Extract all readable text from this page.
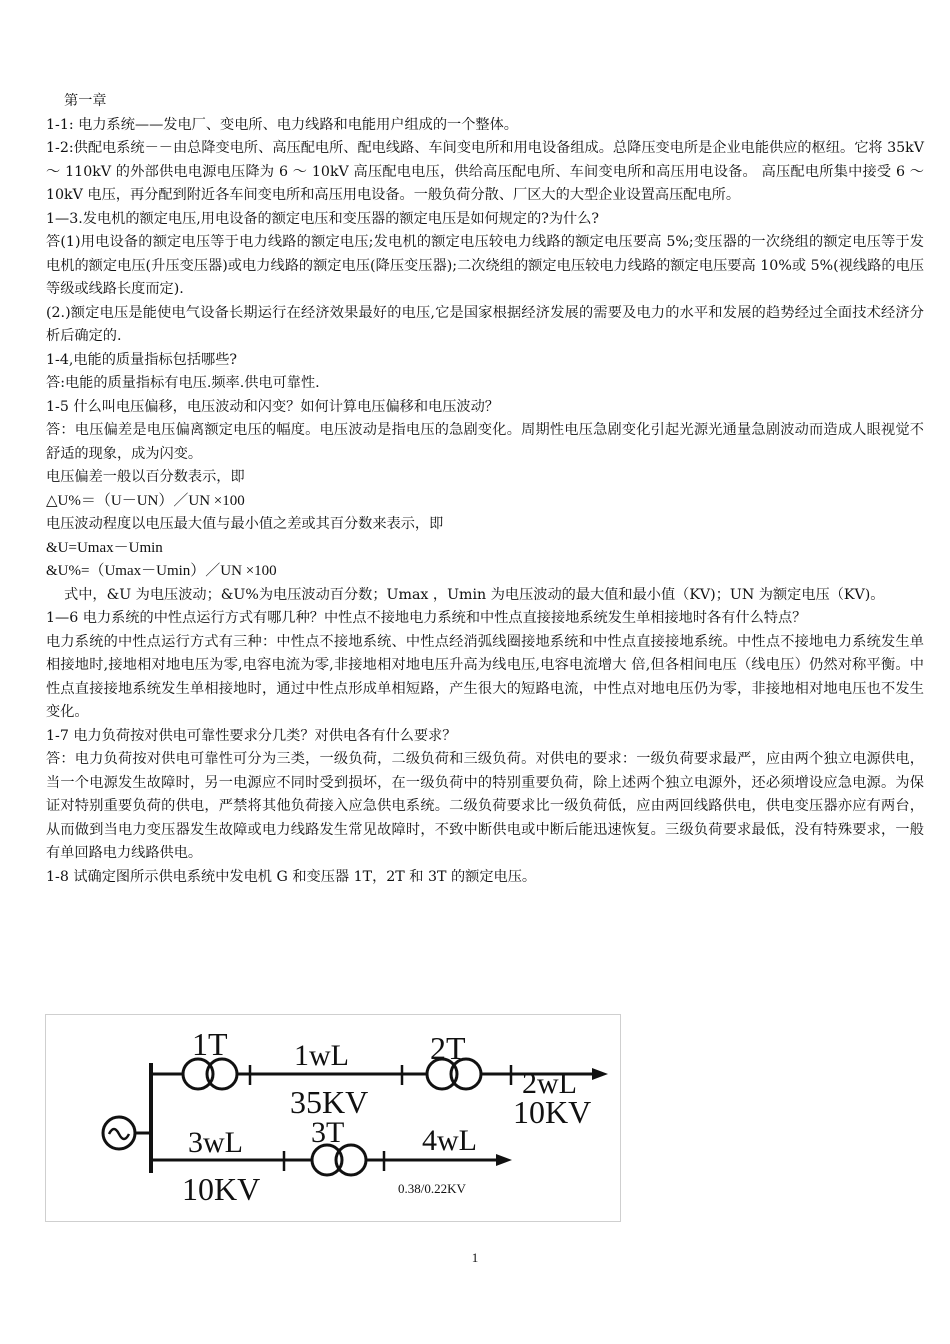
第一章

1-1: 电力系统——发电厂、变电所、电力线路和电能用户组成的一个整体。

1-2:供配电系统－－由总降变电所、高压配电所、配电线路、车间变电所和用电设备组成。总降压变电所是企业电能供应的枢纽。它将 35kV ～ 110kV 的外部供电电源电压降为 6 ～ 10kV 高压配电电压，供给高压配电所、车间变电所和高压用电设备。 高压配电所集中接受 6 ～ 10kV 电压，再分配到附近各车间变电所和高压用电设备。一般负荷分散、厂区大的大型企业设置高压配电所。

1—3.发电机的额定电压,用电设备的额定电压和变压器的额定电压是如何规定的?为什么?

答(1)用电设备的额定电压等于电力线路的额定电压;发电机的额定电压较电力线路的额定电压要高 5%;变压器的一次绕组的额定电压等于发电机的额定电压(升压变压器)或电力线路的额定电压(降压变压器);二次绕组的额定电压较电力线路的额定电压要高 10%或 5%(视线路的电压等级或线路长度而定).

(2.)额定电压是能使电气设备长期运行在经济效果最好的电压,它是国家根据经济发展的需要及电力的水平和发展的趋势经过全面技术经济分析后确定的.

1-4,电能的质量指标包括哪些?

答:电能的质量指标有电压.频率.供电可靠性.

1-5 什么叫电压偏移，电压波动和闪变？如何计算电压偏移和电压波动？

答：电压偏差是电压偏离额定电压的幅度。电压波动是指电压的急剧变化。周期性电压急剧变化引起光源光通量急剧波动而造成人眼视觉不舒适的现象，成为闪变。

电压偏差一般以百分数表示，即

△U%＝（U－UN）／UN ×100

电压波动程度以电压最大值与最小值之差或其百分数来表示，即

&U=Umax－Umin

&U%=（Umax－Umin）／UN ×100

式中，&U 为电压波动；&U%为电压波动百分数；Umax ，Umin 为电压波动的最大值和最小值（KV)；UN 为额定电压（KV)。

1—6 电力系统的中性点运行方式有哪几种？中性点不接地电力系统和中性点直接接地系统发生单相接地时各有什么特点？

电力系统的中性点运行方式有三种：中性点不接地系统、中性点经消弧线圈接地系统和中性点直接接地系统。中性点不接地电力系统发生单相接地时,接地相对地电压为零,电容电流为零,非接地相对地电压升高为线电压,电容电流增大 倍,但各相间电压（线电压）仍然对称平衡。中性点直接接地系统发生单相接地时，通过中性点形成单相短路，产生很大的短路电流，中性点对地电压仍为零，非接地相对地电压也不发生变化。

1-7 电力负荷按对供电可靠性要求分几类？对供电各有什么要求？

答：电力负荷按对供电可靠性可分为三类，一级负荷，二级负荷和三级负荷。对供电的要求：一级负荷要求最严，应由两个独立电源供电，当一个电源发生故障时，另一电源应不同时受到损坏，在一级负荷中的特别重要负荷，除上述两个独立电源外，还必须增设应急电源。为保证对特别重要负荷的供电，严禁将其他负荷接入应急供电系统。二级负荷要求比一级负荷低，应由两回线路供电，供电变压器亦应有两台，从而做到当电力变压器发生故障或电力线路发生常见故障时，不致中断供电或中断后能迅速恢复。三级负荷要求最低，没有特殊要求，一般有单回路电力线路供电。

1-8 试确定图所示供电系统中发电机 G 和变压器 1T，2T 和 3T 的额定电压。

1T	2T
3T
1wL
35KV
2wL
10KV
3wL
10KV
4wL
0.38/0.22KV
1
